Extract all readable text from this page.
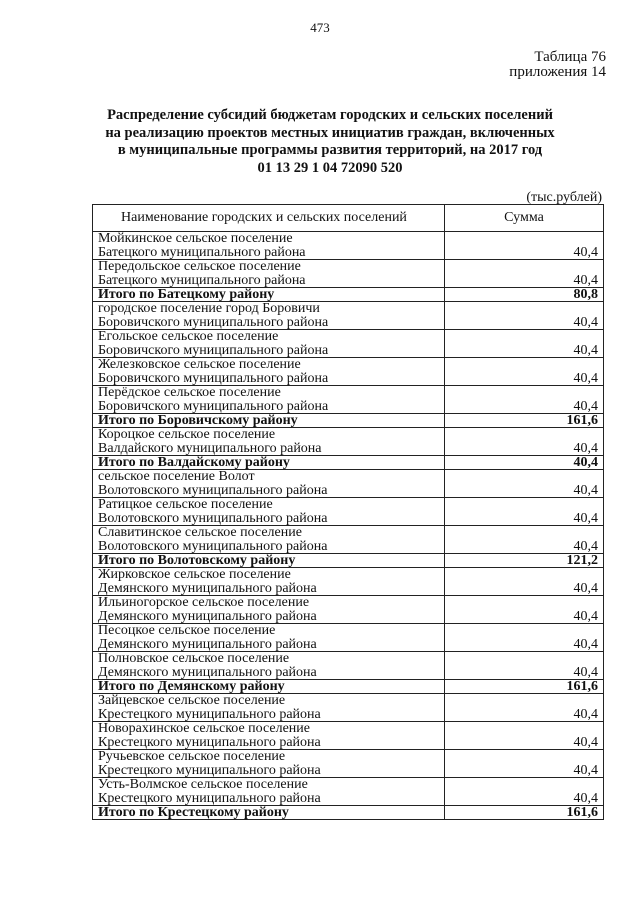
473
Таблица 76
приложения 14
Распределение субсидий бюджетам городских и сельских поселений
на реализацию проектов местных инициатив граждан, включенных
в муниципальные программы развития территорий, на 2017 год
01 13 29 1 04 72090 520
(тыс.рублей)
Наименование городских и сельских поселений	Сумма

Мойкинское сельское поселение
Батецкого муниципального района	40,4

Передольское сельское поселение
Батецкого муниципального района	40,4

Итого по Батецкому району	80,8

городское поселение город Боровичи
Боровичского муниципального района	40,4

Ёгольское сельское поселение
Боровичского муниципального района	40,4

Железковское сельское поселение
Боровичского муниципального района	40,4

Перёдское сельское поселение
Боровичского муниципального района	40,4

Итого по Боровичскому району	161,6

Короцкое сельское поселение
Валдайского муниципального района	40,4

Итого по Валдайскому району	40,4

сельское поселение Волот
Волотовского муниципального района	40,4

Ратицкое сельское поселение
Волотовского муниципального района	40,4

Славитинское сельское поселение
Волотовского муниципального района	40,4

Итого по Волотовскому району	121,2

Жирковское сельское поселение
Демянского муниципального района	40,4

Ильиногорское сельское поселение
Демянского муниципального района	40,4

Песоцкое сельское поселение
Демянского муниципального района	40,4

Полновское сельское поселение
Демянского муниципального района	40,4

Итого по Демянскому району	161,6

Зайцевское сельское поселение
Крестецкого муниципального района	40,4

Новорахинское сельское поселение
Крестецкого муниципального района	40,4

Ручьевское сельское поселение
Крестецкого муниципального района	40,4

Усть-Волмское сельское поселение
Крестецкого муниципального района	40,4

Итого по Крестецкому району	161,6
